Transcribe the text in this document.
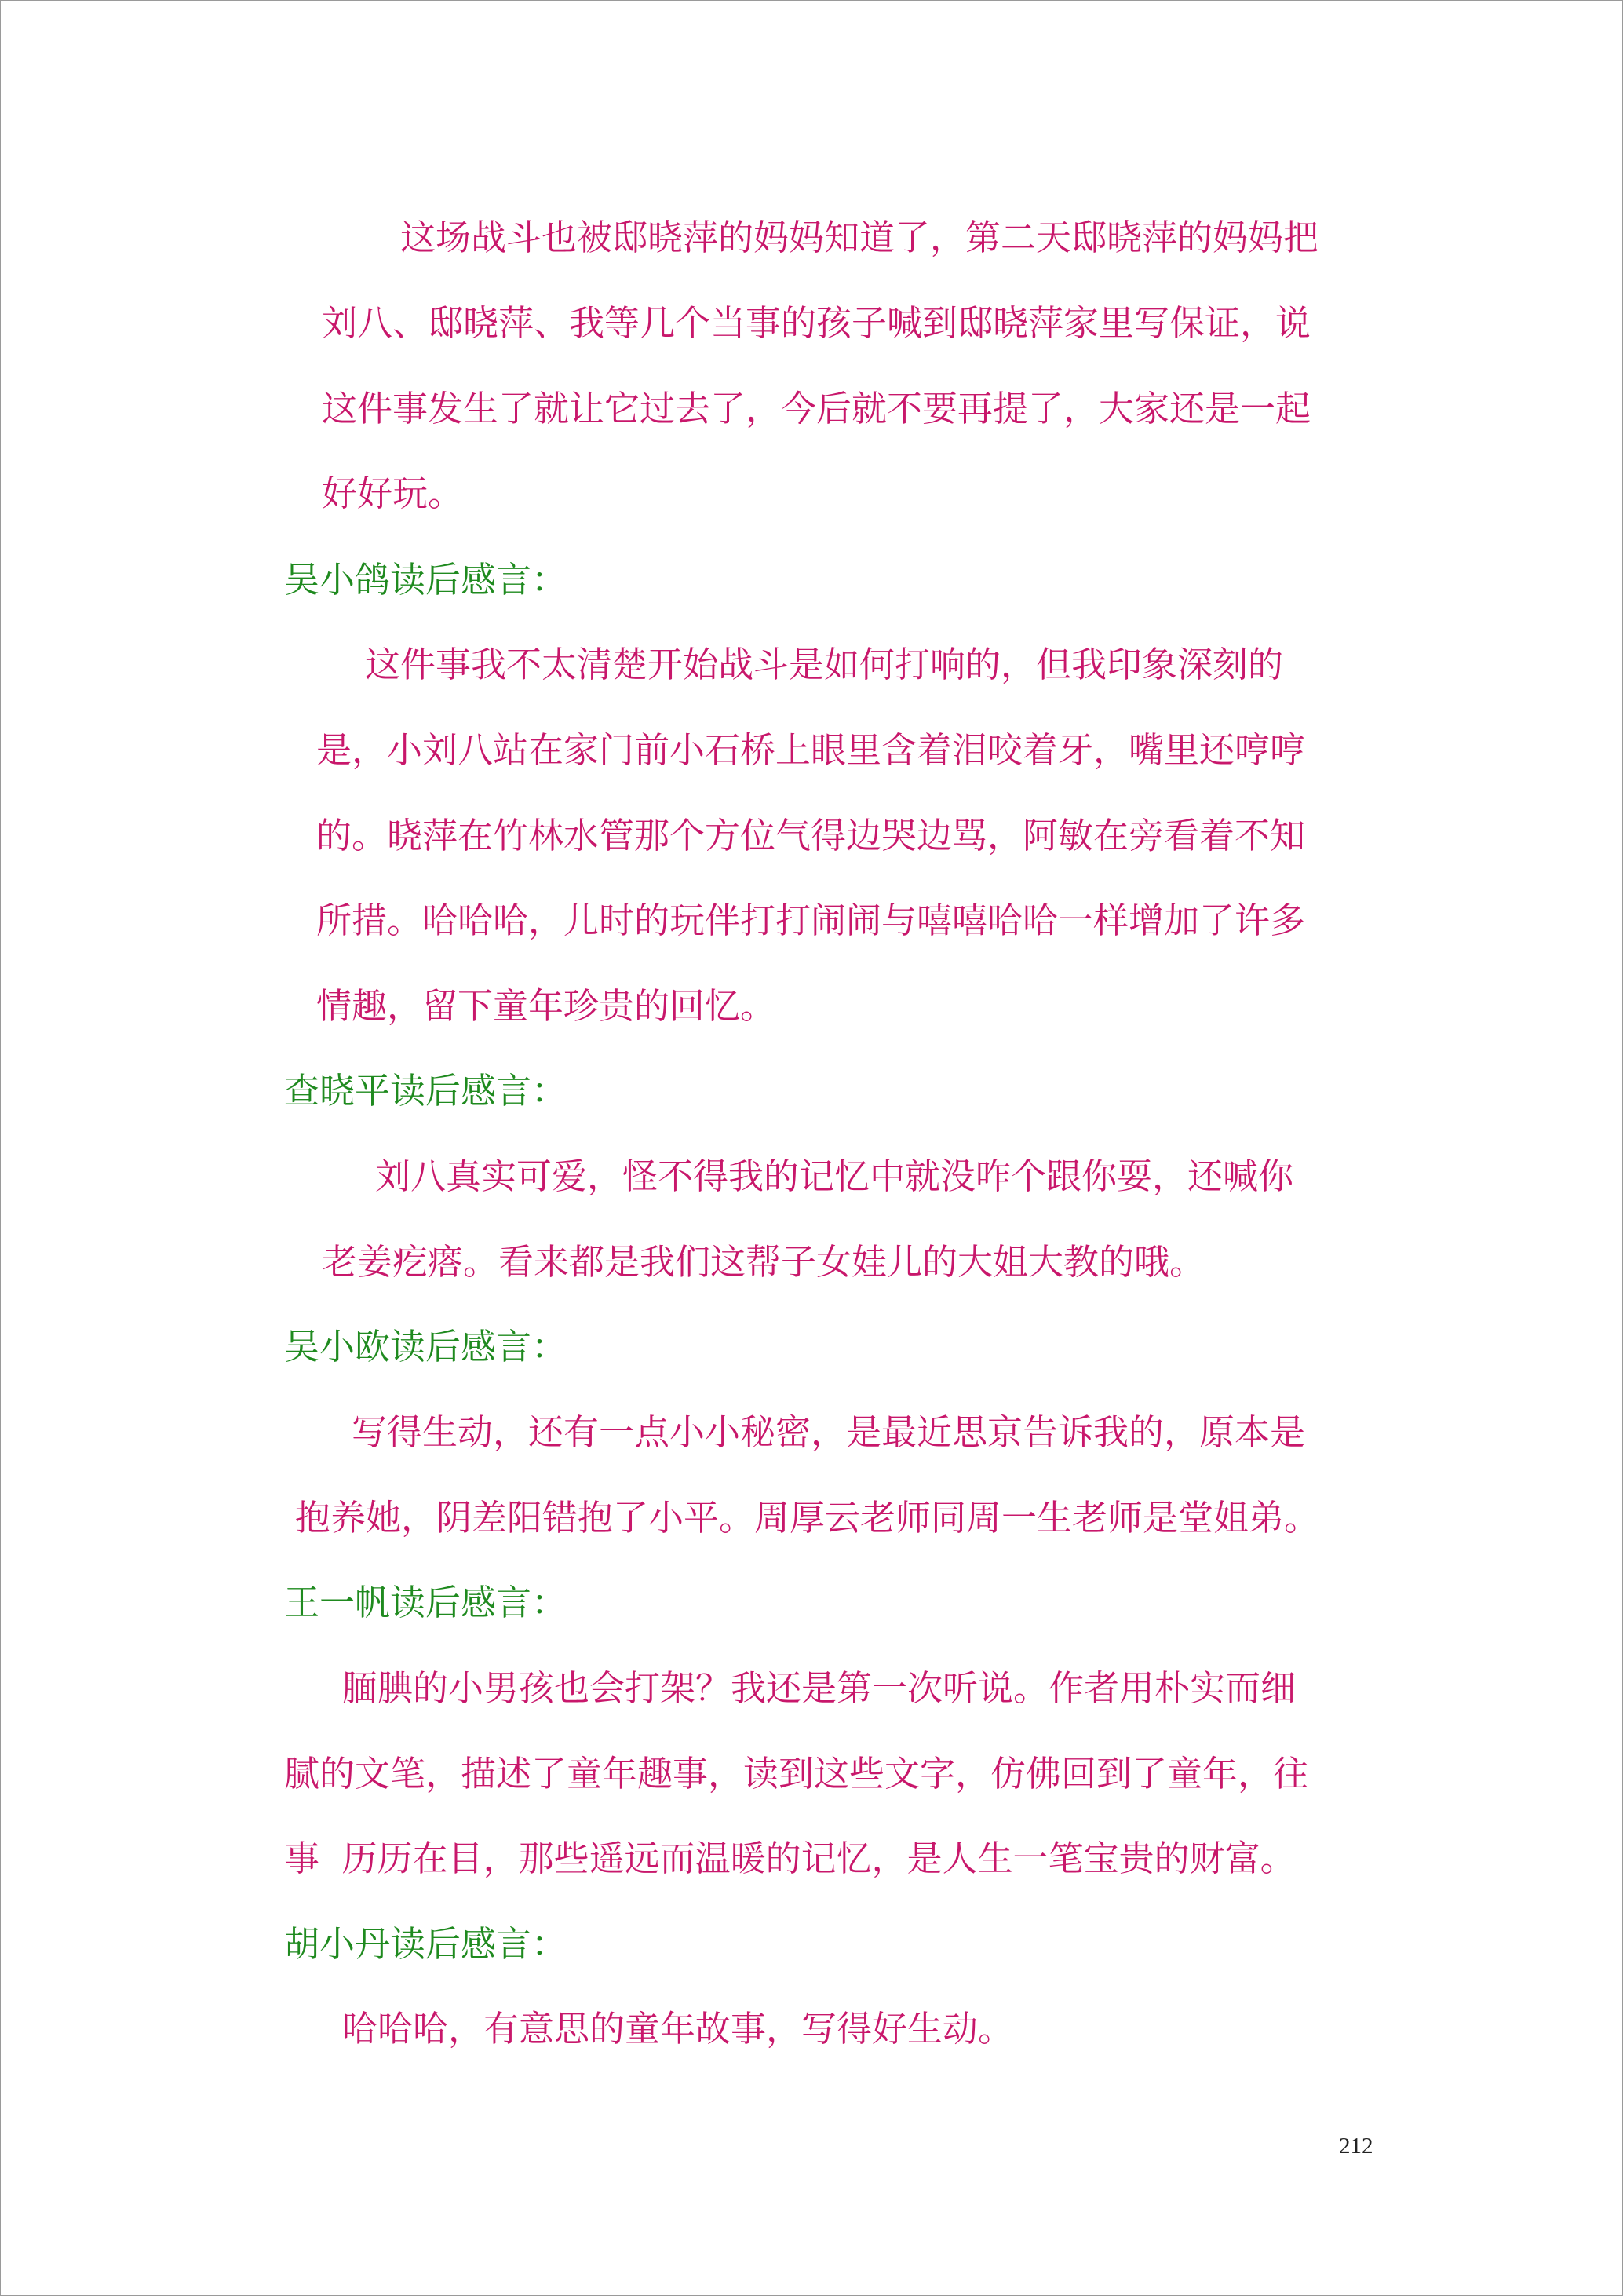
这场战斗也被邸晓萍的妈妈知道了，第二天邸晓萍的妈妈把
刘八、邸晓萍、我等几个当事的孩子喊到邸晓萍家里写保证，说
这件事发生了就让它过去了，今后就不要再提了，大家还是一起
好好玩。
吴小鸽读后感言：
这件事我不太清楚开始战斗是如何打响的，但我印象深刻的
是，小刘八站在家门前小石桥上眼里含着泪咬着牙，嘴里还哼哼
的。晓萍在竹林水管那个方位气得边哭边骂，阿敏在旁看着不知
所措。哈哈哈，儿时的玩伴打打闹闹与嘻嘻哈哈一样增加了许多
情趣，留下童年珍贵的回忆。
查晓平读后感言：
刘八真实可爱，怪不得我的记忆中就没咋个跟你耍，还喊你
老姜疙瘩。看来都是我们这帮子女娃儿的大姐大教的哦。
吴小欧读后感言：
写得生动，还有一点小小秘密，是最近思京告诉我的，原本是
抱养她，阴差阳错抱了小平。周厚云老师同周一生老师是堂姐弟。
王一帆读后感言：
腼腆的小男孩也会打架？我还是第一次听说。作者用朴实而细
腻的文笔，描述了童年趣事，读到这些文字，仿佛回到了童年，往
事  历历在目，那些遥远而温暖的记忆，是人生一笔宝贵的财富。
胡小丹读后感言：
哈哈哈，有意思的童年故事，写得好生动。
212
